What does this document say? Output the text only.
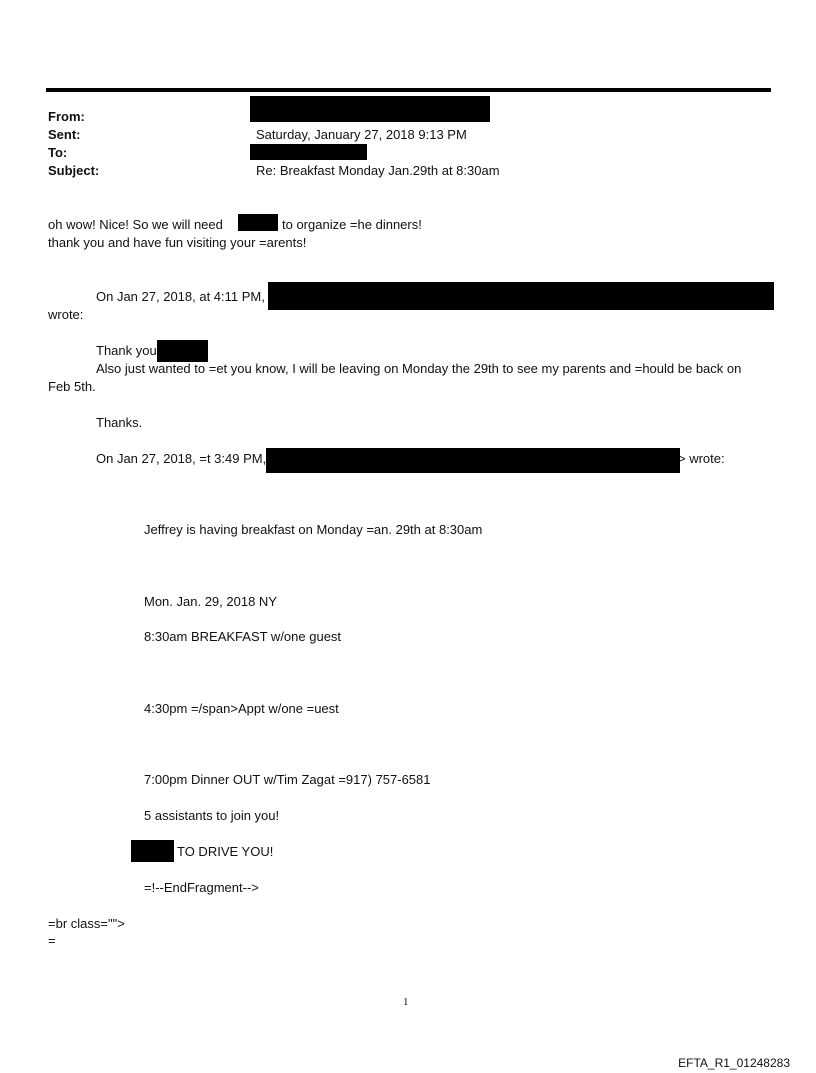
From:
Sent:	Saturday, January 27, 2018 9:13 PM
To:
Subject:	Re: Breakfast Monday Jan.29th at 8:30am
oh wow! Nice! So we will need	to organize =he dinners!
thank you and have fun visiting your =arents!
On Jan 27, 2018, at 4:11 PM,
wrote:
Thank you
Also just wanted to =et you know, I will be leaving on Monday the 29th to see my parents and =hould be back on
Feb 5th.
Thanks.
On Jan 27, 2018, =t 3:49 PM,	> wrote:
Jeffrey is having breakfast on Monday =an. 29th at 8:30am
Mon. Jan. 29, 2018 NY
8:30am BREAKFAST w/one guest
4:30pm =/span>Appt w/one =uest
7:00pm Dinner OUT w/Tim Zagat =917) 757-6581
5 assistants to join you!
TO DRIVE YOU!
=!--EndFragment-->
=br class="">
=
1
EFTA_R1_01248283
